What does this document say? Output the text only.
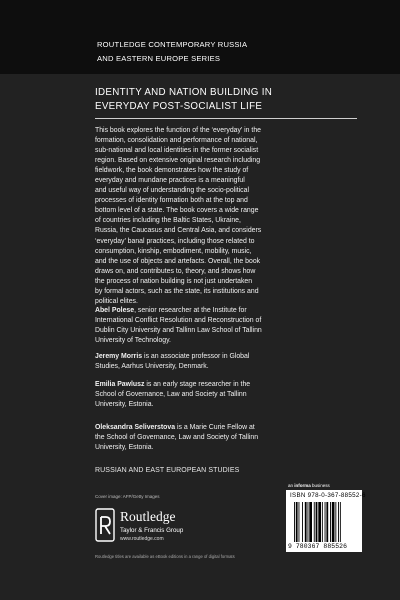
ROUTLEDGE CONTEMPORARY RUSSIA
AND EASTERN EUROPE SERIES
IDENTITY AND NATION BUILDING IN
EVERYDAY POST-SOCIALIST LIFE
This book explores the function of the ‘everyday’ in the
formation, consolidation and performance of national,
sub-national and local identities in the former socialist
region. Based on extensive original research including
fieldwork, the book demonstrates how the study of
everyday and mundane practices is a meaningful
and useful way of understanding the socio-political
processes of identity formation both at the top and
bottom level of a state. The book covers a wide range
of countries including the Baltic States, Ukraine,
Russia, the Caucasus and Central Asia, and considers
‘everyday’ banal practices, including those related to
consumption, kinship, embodiment, mobility, music,
and the use of objects and artefacts. Overall, the book
draws on, and contributes to, theory, and shows how
the process of nation building is not just undertaken
by formal actors, such as the state, its institutions and
political elites.
Abel Polese, senior researcher at the Institute for
International Conflict Resolution and Reconstruction of
Dublin City University and Tallinn Law School of Tallinn
University of Technology.
Jeremy Morris is an associate professor in Global
Studies, Aarhus University, Denmark.
Emilia Pawlusz is an early stage researcher in the
School of Governance, Law and Society at Tallinn
University, Estonia.
Oleksandra Seliverstova is a Marie Curie Fellow at
the School of Governance, Law and Society of Tallinn
University, Estonia.
RUSSIAN AND EAST EUROPEAN STUDIES
an informa business
Cover image: AFP/Getty Images
Routledge
Taylor & Francis Group
www.routledge.com
ISBN 978-0-367-88552-6
9 780367 885526
Routledge titles are available as eBook editions in a range of digital formats
